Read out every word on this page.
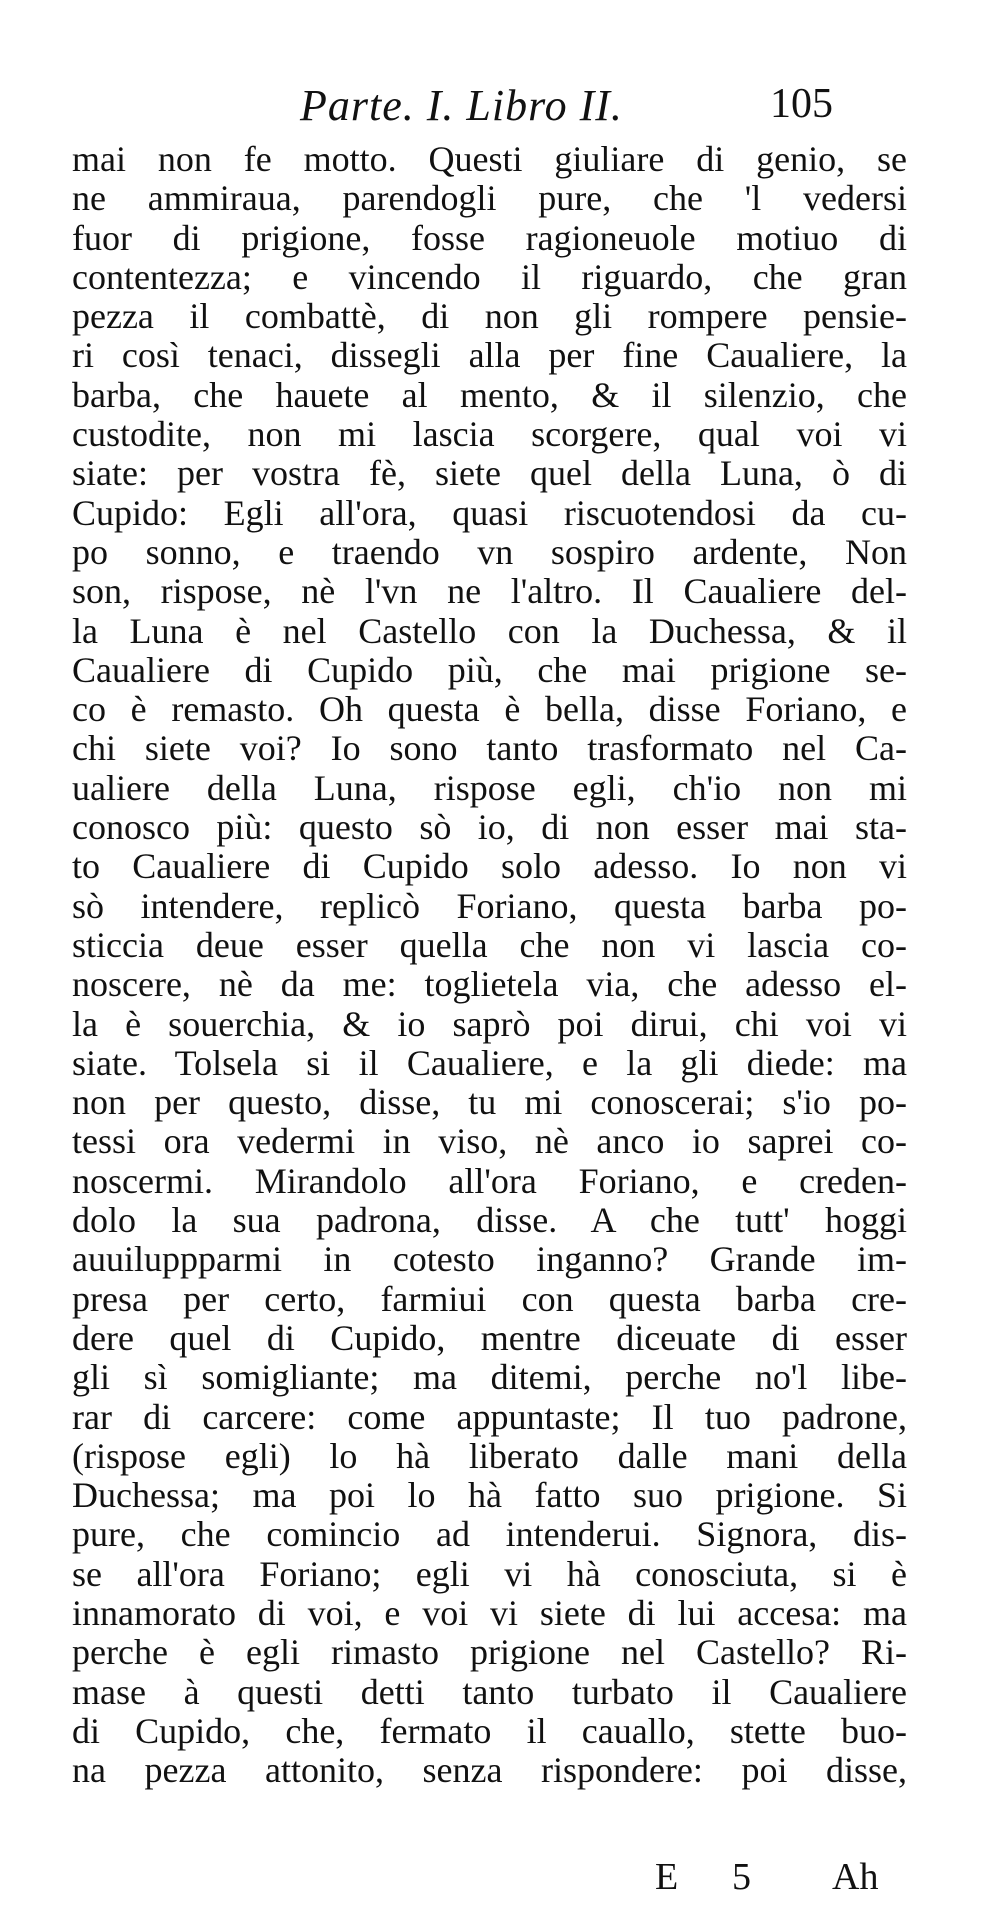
Parte. I. Libro II.	105
mai non fe motto. Questi giuliare di genio, se
ne ammiraua, parendogli pure, che 'l vedersi
fuor di prigione, fosse ragioneuole motiuo di
contentezza; e vincendo il riguardo, che gran
pezza il combattè, di non gli rompere pensie-
ri così tenaci, dissegli alla per fine Caualiere, la
barba, che hauete al mento, & il silenzio, che
custodite, non mi lascia scorgere, qual voi vi
siate: per vostra fè, siete quel della Luna, ò di
Cupido: Egli all'ora, quasi riscuotendosi da cu-
po sonno, e traendo vn sospiro ardente, Non
son, rispose, nè l'vn ne l'altro. Il Caualiere del-
la Luna è nel Castello con la Duchessa, & il
Caualiere di Cupido più, che mai prigione se-
co è remasto. Oh questa è bella, disse Foriano, e
chi siete voi? Io sono tanto trasformato nel Ca-
ualiere della Luna, rispose egli, ch'io non mi
conosco più: questo sò io, di non esser mai sta-
to Caualiere di Cupido solo adesso. Io non vi
sò intendere, replicò Foriano, questa barba po-
sticcia deue esser quella che non vi lascia co-
noscere, nè da me: toglietela via, che adesso el-
la è souerchia, & io saprò poi dirui, chi voi vi
siate. Tolsela si il Caualiere, e la gli diede: ma
non per questo, disse, tu mi conoscerai; s'io po-
tessi ora vedermi in viso, nè anco io saprei co-
noscermi. Mirandolo all'ora Foriano, e creden-
dolo la sua padrona, disse. A che tutt' hoggi
auuiluppparmi in cotesto inganno? Grande im-
presa per certo, farmiui con questa barba cre-
dere quel di Cupido, mentre diceuate di esser
gli sì somigliante; ma ditemi, perche no'l libe-
rar di carcere: come appuntaste; Il tuo padrone,
(rispose egli) lo hà liberato dalle mani della
Duchessa; ma poi lo hà fatto suo prigione. Si
pure, che comincio ad intenderui. Signora, dis-
se all'ora Foriano; egli vi hà conosciuta, si è
innamorato di voi, e voi vi siete di lui accesa: ma
perche è egli rimasto prigione nel Castello? Ri-
mase à questi detti tanto turbato il Caualiere
di Cupido, che, fermato il cauallo, stette buo-
na pezza attonito, senza rispondere: poi disse,
E 5 Ah
